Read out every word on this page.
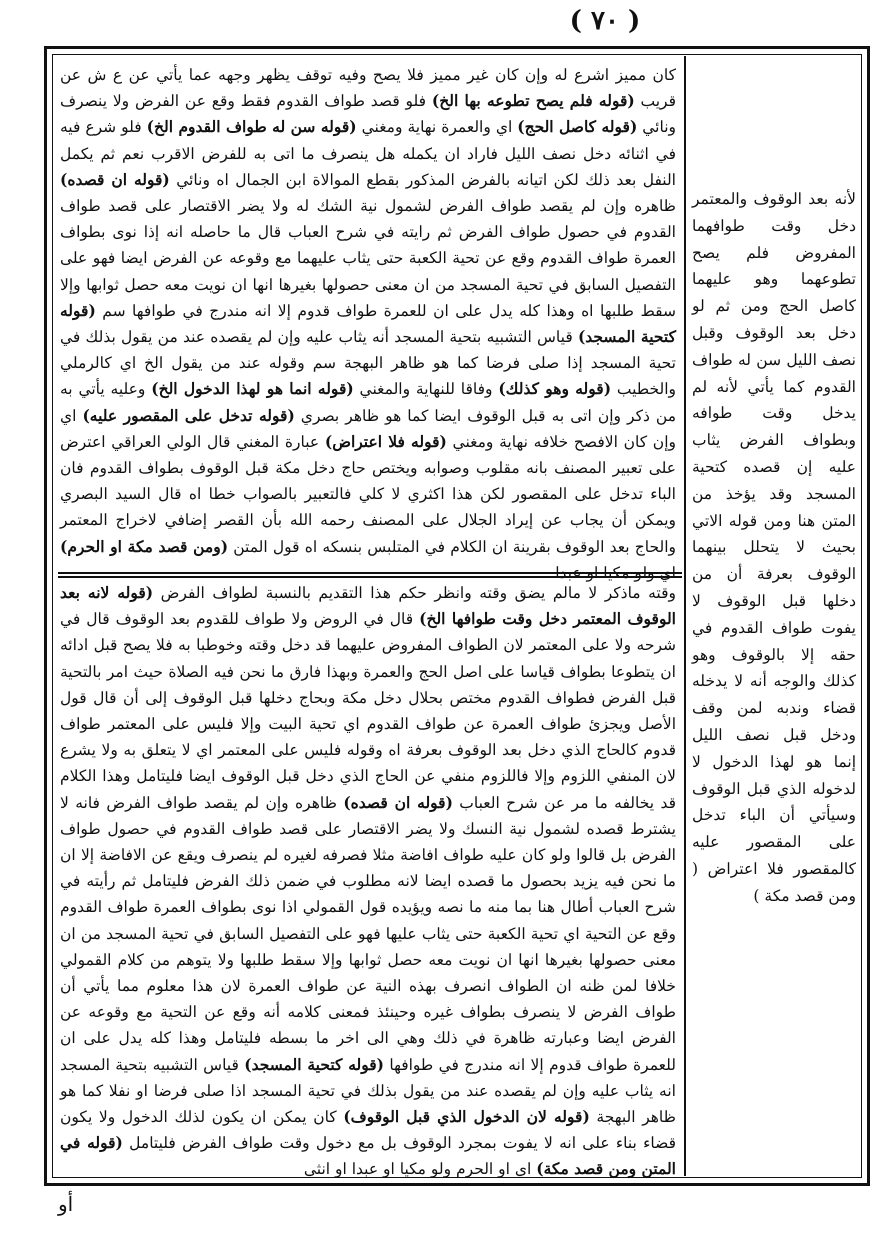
( ٧٠ )
كان مميز اشرع له وإن كان غير مميز فلا يصح وفيه توقف يظهر وجهه عما يأتي عن ع ش عن قريب (قوله فلم يصح تطوعه بها الخ) فلو قصد طواف القدوم فقط وقع عن الفرض ولا ينصرف ونائي (قوله كاصل الحج) اي والعمرة نهاية ومغني (قوله سن له طواف القدوم الخ) فلو شرع فيه في اثنائه دخل نصف الليل فاراد ان يكمله هل ينصرف ما اتى به للفرض الاقرب نعم ثم يكمل النفل بعد ذلك لكن اتيانه بالفرض المذكور بقطع الموالاة ابن الجمال اه ونائي (قوله ان قصده) ظاهره وإن لم يقصد طواف الفرض لشمول نية الشك له ولا يضر الاقتصار على قصد طواف القدوم في حصول طواف الفرض ثم رايته في شرح العباب قال ما حاصله انه إذا نوى بطواف العمرة طواف القدوم وقع عن تحية الكعبة حتى يثاب عليهما مع وقوعه عن الفرض ايضا فهو على التفصيل السابق في تحية المسجد من ان معنى حصولها بغيرها انها ان نويت معه حصل ثوابها وإلا سقط طلبها اه وهذا كله يدل على ان للعمرة طواف قدوم إلا انه مندرج في طوافها سم (قوله كتحية المسجد) قياس التشبيه بتحية المسجد أنه يثاب عليه وإن لم يقصده عند من يقول بذلك في تحية المسجد إذا صلى فرضا كما هو ظاهر البهجة سم وقوله عند من يقول الخ اي كالرملي والخطيب (قوله وهو كذلك) وفاقا للنهاية والمغني (قوله انما هو لهذا الدخول الخ) وعليه يأتي به من ذكر وإن اتى به قبل الوقوف ايضا كما هو ظاهر بصري (قوله تدخل على المقصور عليه) اي وإن كان الافصح خلافه نهاية ومغني (قوله فلا اعتراض) عبارة المغني قال الولي العراقي اعترض على تعبير المصنف بانه مقلوب وصوابه ويختص حاج دخل مكة قبل الوقوف بطواف القدوم فان الباء تدخل على المقصور لكن هذا اكثري لا كلي فالتعبير بالصواب خطا اه قال السيد البصري ويمكن أن يجاب عن إيراد الجلال على المصنف رحمه الله بأن القصر إضافي لاخراج المعتمر والحاج بعد الوقوف بقرينة ان الكلام في المتلبس بنسكه اه قول المتن (ومن قصد مكة او الحرم)
وقته ماذكر لا مالم يضق وقته وانظر حكم هذا التقديم بالنسبة لطواف الفرض (قوله لانه بعد الوقوف المعتمر دخل وقت طوافها الخ) قال في الروض ولا طواف للقدوم بعد الوقوف قال في شرحه ولا على المعتمر لان الطواف المفروض عليهما قد دخل وقته وخوطبا به فلا يصح قبل ادائه ان يتطوعا بطواف قياسا على اصل الحج والعمرة وبهذا فارق ما نحن فيه الصلاة حيث امر بالتحية قبل الفرض فطواف القدوم مختص بحلال دخل مكة وبحاج دخلها قبل الوقوف إلى أن قال قول الأصل ويجزئ طواف العمرة عن طواف القدوم اي تحية البيت وإلا فليس على المعتمر طواف قدوم كالحاج الذي دخل بعد الوقوف بعرفة اه وقوله فليس على المعتمر اي لا يتعلق به ولا يشرع لان المنفي اللزوم وإلا فاللزوم منفي عن الحاج الذي دخل قبل الوقوف ايضا فليتامل وهذا الكلام قد يخالفه ما مر عن شرح العباب (قوله ان قصده) ظاهره وإن لم يقصد طواف الفرض فانه لا يشترط قصده لشمول نية النسك ولا يضر الاقتصار على قصد طواف القدوم في حصول طواف الفرض بل قالوا ولو كان عليه طواف افاضة مثلا فصرفه لغيره لم ينصرف ويقع عن الافاضة إلا ان ما نحن فيه يزيد بحصول ما قصده ايضا لانه مطلوب في ضمن ذلك الفرض فليتامل ثم رأيته في شرح العباب أطال هنا بما منه ما نصه ويؤيده قول القمولي اذا نوى بطواف العمرة طواف القدوم وقع عن التحية اي تحية الكعبة حتى يثاب عليها فهو على التفصيل السابق في تحية المسجد من ان معنى حصولها بغيرها انها ان نويت معه حصل ثوابها وإلا سقط طلبها ولا يتوهم من كلام القمولي خلافا لمن ظنه ان الطواف انصرف بهذه النية عن طواف العمرة لان هذا معلوم مما يأتي أن طواف الفرض لا ينصرف بطواف غيره وحينئذ فمعنى كلامه أنه وقع عن التحية مع وقوعه عن الفرض ايضا وعبارته ظاهرة في ذلك وهي الى اخر ما بسطه فليتامل وهذا كله يدل على ان للعمرة طواف قدوم إلا انه مندرج في طوافها (قوله كتحية المسجد) قياس التشبيه بتحية المسجد انه يثاب عليه وإن لم يقصده عند من يقول بذلك في تحية المسجد اذا صلى فرضا او نفلا كما هو ظاهر البهجة (قوله لان الدخول الذي قبل الوقوف) كان يمكن ان يكون لذلك الدخول ولا يكون قضاء بناء على انه لا يفوت بمجرد الوقوف بل مع دخول وقت طواف الفرض فليتامل (قوله في المتن ومن قصد مكة) اي او الحرم ولو مكيا او عبدا او انثى
لأنه بعد الوقوف والمعتمر دخل وقت طوافهما المفروض فلم يصح تطوعهما وهو عليهما كاصل الحج ومن ثم لو دخل بعد الوقوف وقبل نصف الليل سن له طواف القدوم كما يأتي لأنه لم يدخل وقت طوافه وبطواف الفرض يثاب عليه إن قصده كتحية المسجد وقد يؤخذ من المتن هنا ومن قوله الاتي بحيث لا يتحلل بينهما الوقوف بعرفة أن من دخلها قبل الوقوف لا يفوت طواف القدوم في حقه إلا بالوقوف وهو كذلك والوجه أنه لا يدخله قضاء وندبه لمن وقف ودخل قبل نصف الليل إنما هو لهذا الدخول لا لدخوله الذي قبل الوقوف وسيأتي أن الباء تدخل على المقصور عليه كالمقصور فلا اعتراض ( ومن قصد مكة )
أو
